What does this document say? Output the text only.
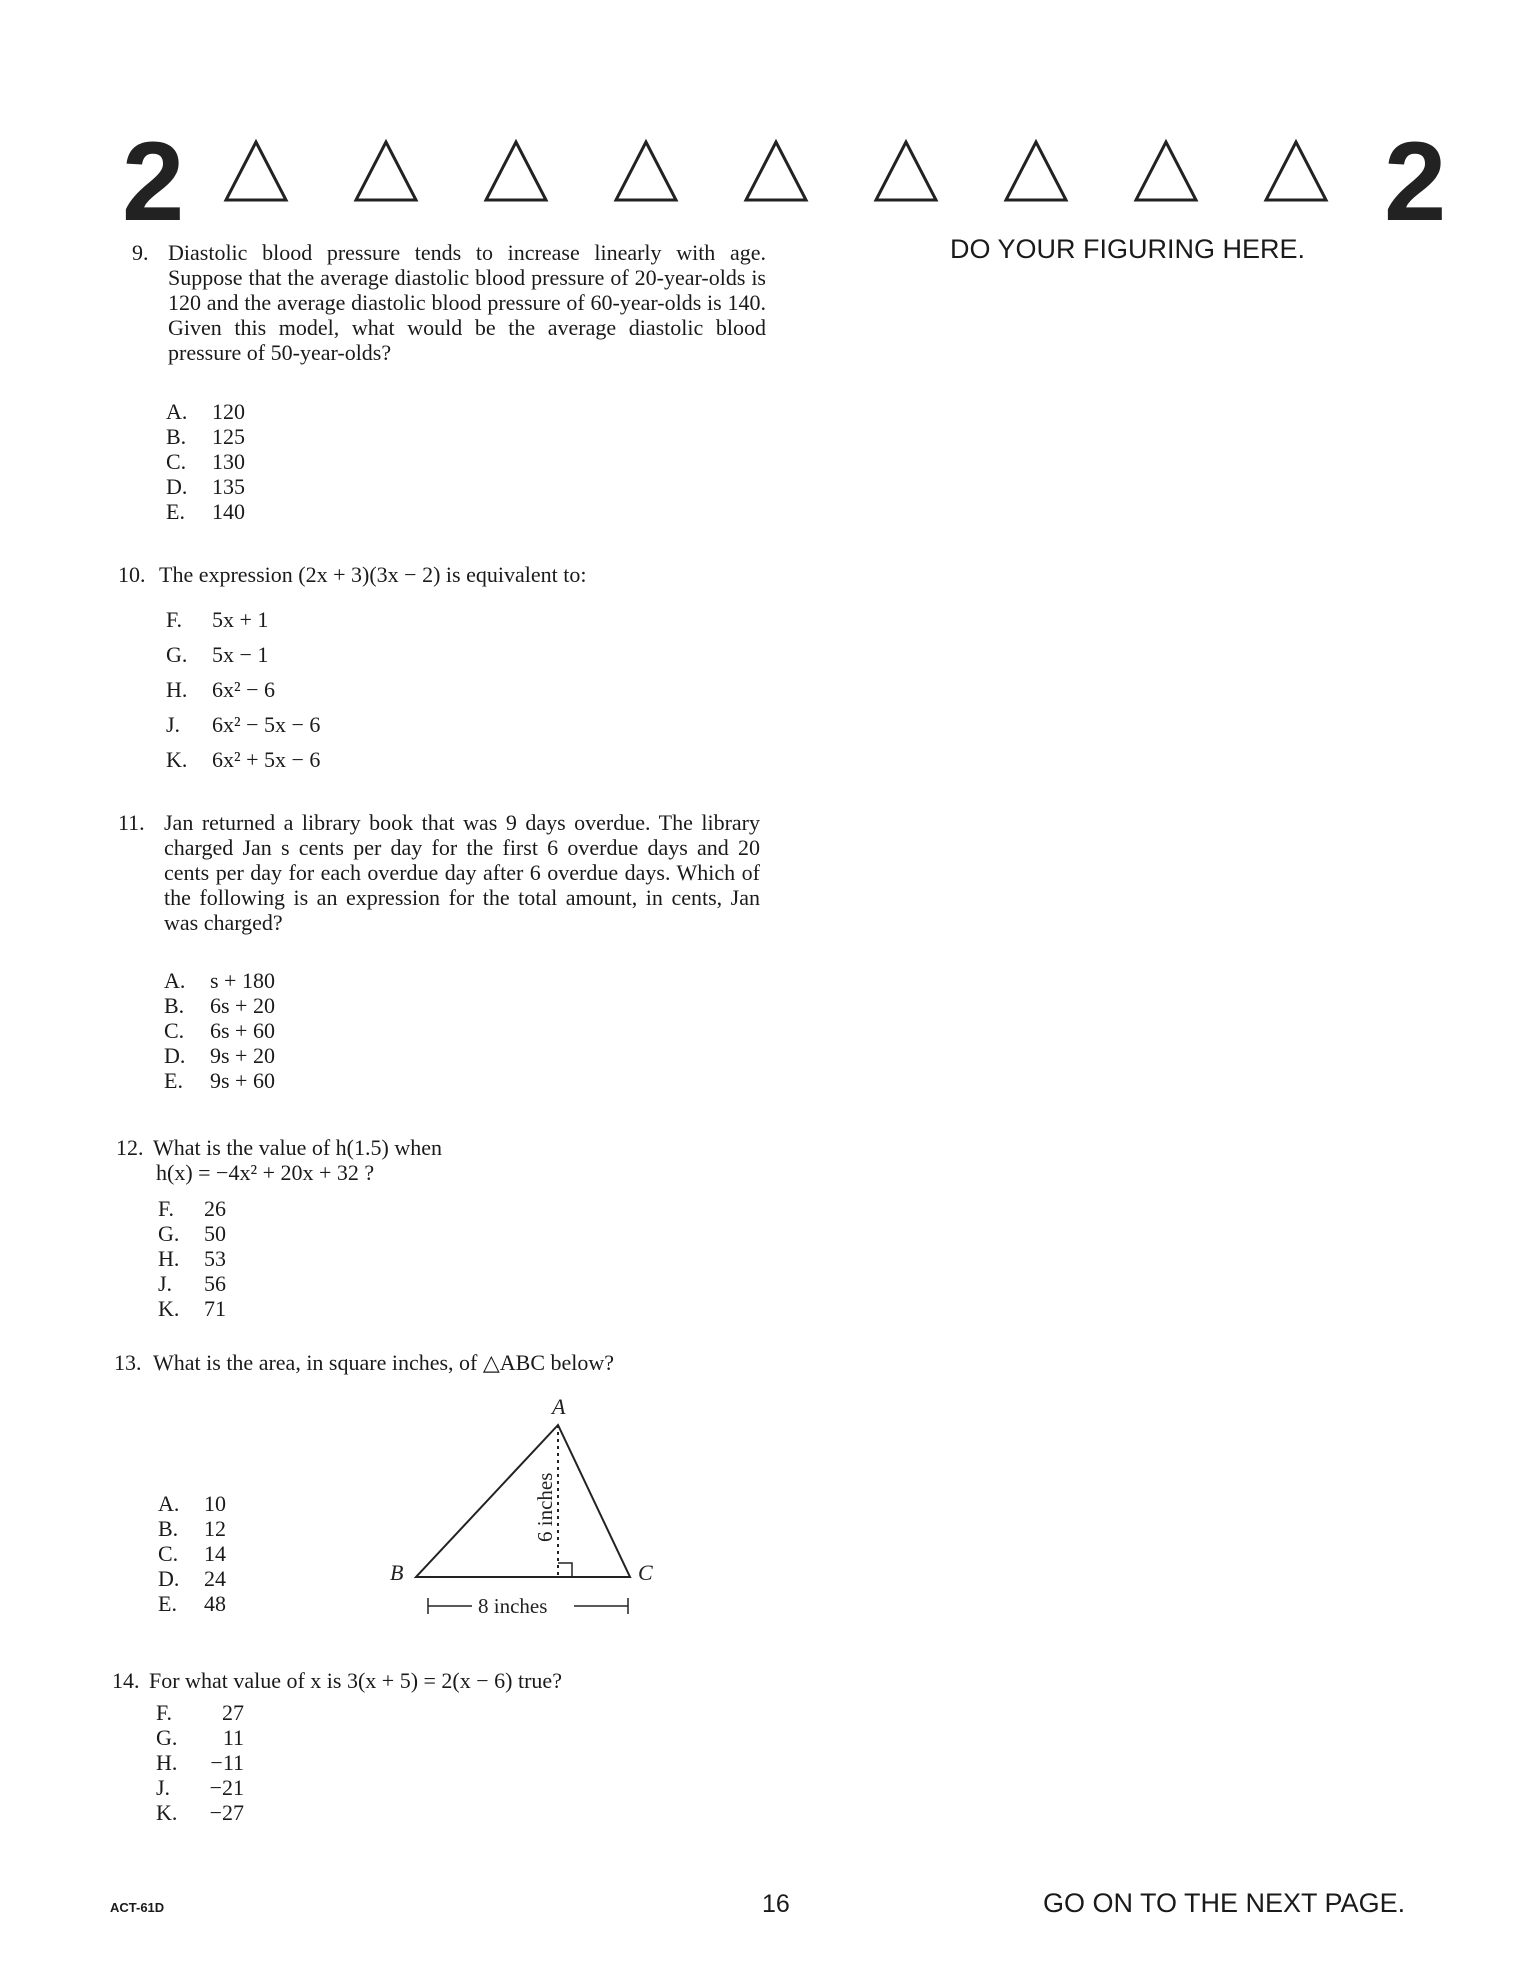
2	2
DO YOUR FIGURING HERE.
9. Diastolic blood pressure tends to increase linearly with age. Suppose that the average diastolic blood pressure of 20-year-olds is 120 and the average diastolic blood pressure of 60-year-olds is 140. Given this model, what would be the average diastolic blood pressure of 50-year-olds?
A.	120
B.	125
C.	130
D.	135
E.	140
10. The expression (2x + 3)(3x − 2) is equivalent to:
F.	5x + 1
G.	5x − 1
H.	6x² − 6
J.	6x² − 5x − 6
K.	6x² + 5x − 6
11. Jan returned a library book that was 9 days overdue. The library charged Jan s cents per day for the first 6 overdue days and 20 cents per day for each overdue day after 6 overdue days. Which of the following is an expression for the total amount, in cents, Jan was charged?
A.	s + 180
B.	6s + 20
C.	6s + 60
D.	9s + 20
E.	9s + 60
12. What is the value of h(1.5) when
h(x) = −4x² + 20x + 32 ?
F.	26
G.	50
H.	53
J.	56
K.	71
13. What is the area, in square inches, of △ABC below?
A.	10
B.	12
C.	14
D.	24
E.	48
A
B	C
6 inches
8 inches
14. For what value of x is 3(x + 5) = 2(x − 6) true?
F.	27
G.	11
H.	−11
J.	−21
K.	−27
ACT-61D	16	GO ON TO THE NEXT PAGE.
